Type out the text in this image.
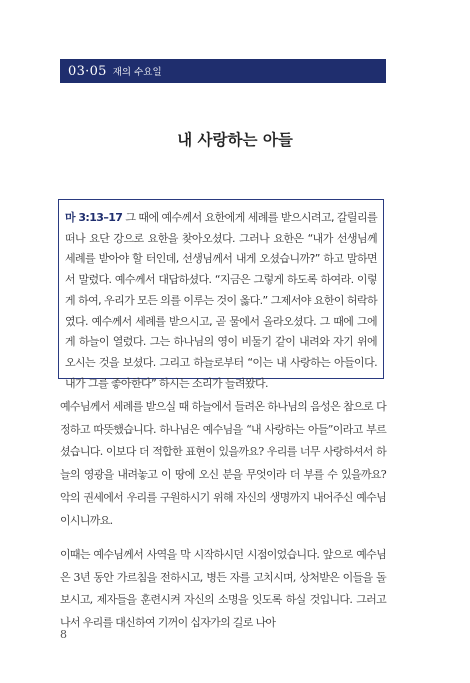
03·05 재의 수요일
내 사랑하는 아들
마 3:13–17 그 때에 예수께서 요한에게 세례를 받으시려고, 갈릴리를 떠나 요단 강으로 요한을 찾아오셨다. 그러나 요한은 “내가 선생님께 세례를 받아야 할 터인데, 선생님께서 내게 오셨습니까?” 하고 말하면서 말렸다. 예수께서 대답하셨다. “지금은 그렇게 하도록 하여라. 이렇게 하여, 우리가 모든 의를 이루는 것이 옳다.” 그제서야 요한이 허락하였다. 예수께서 세례를 받으시고, 곧 물에서 올라오셨다. 그 때에 그에게 하늘이 열렸다. 그는 하나님의 영이 비둘기 같이 내려와 자기 위에 오시는 것을 보셨다. 그리고 하늘로부터 “이는 내 사랑하는 아들이다. 내가 그를 좋아한다” 하시는 소리가 들려왔다.

예수님께서 세례를 받으실 때 하늘에서 들려온 하나님의 음성은 참으로 다정하고 따뜻했습니다. 하나님은 예수님을 “내 사랑하는 아들”이라고 부르셨습니다. 이보다 더 적합한 표현이 있을까요? 우리를 너무 사랑하셔서 하늘의 영광을 내려놓고 이 땅에 오신 분을 무엇이라 더 부를 수 있을까요? 악의 권세에서 우리를 구원하시기 위해 자신의 생명까지 내어주신 예수님이시니까요.

이때는 예수님께서 사역을 막 시작하시던 시점이었습니다. 앞으로 예수님은 3년 동안 가르침을 전하시고, 병든 자를 고치시며, 상처받은 이들을 돌보시고, 제자들을 훈련시켜 자신의 소명을 잇도록 하실 것입니다. 그러고 나서 우리를 대신하여 기꺼이 십자가의 길로 나아

8
